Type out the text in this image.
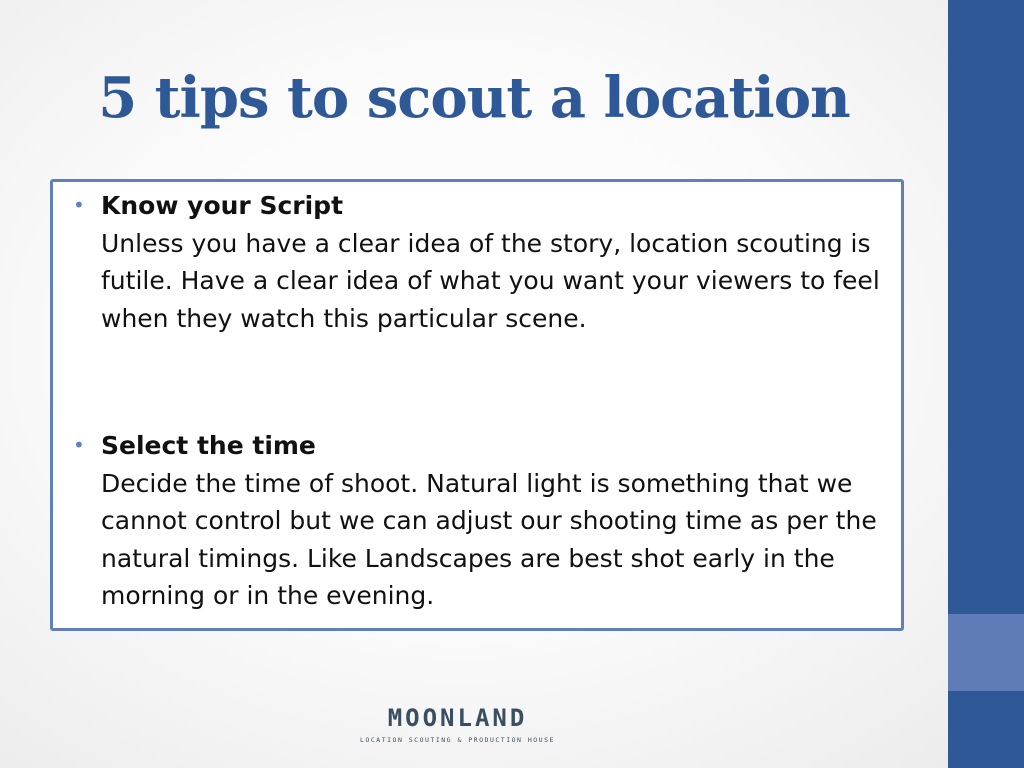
5 tips to scout a location
• Know your Script
Unless you have a clear idea of the story, location scouting is futile. Have a clear idea of what you want your viewers to feel when they watch this particular scene.
• Select the time
Decide the time of shoot. Natural light is something that we cannot control but we can adjust our shooting time as per the natural timings. Like Landscapes are best shot early in the morning or in the evening.
MOONLAND
LOCATION SCOUTING & PRODUCTION HOUSE
